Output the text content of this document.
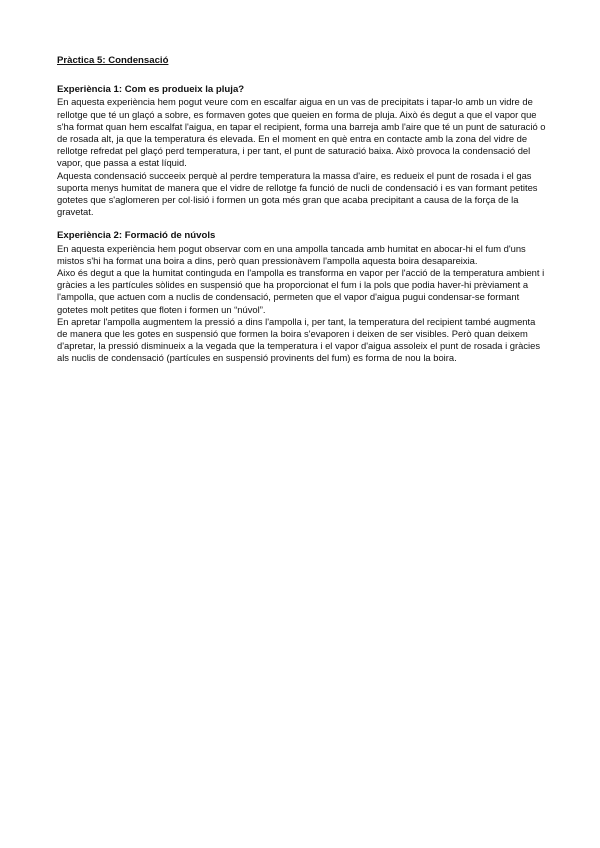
Pràctica 5: Condensació

Experiència 1: Com es produeix la pluja?

En aquesta experiència hem pogut veure com en escalfar aigua en un vas de precipitats i tapar-lo amb un vidre de rellotge que té un glaçó a sobre, es formaven gotes que queien en forma de pluja. Això és degut a que el vapor que s'ha format quan hem escalfat l'aigua, en tapar el recipient, forma una barreja amb l'aire que té un punt de saturació o de rosada alt, ja que la temperatura és elevada. En el moment en què entra en contacte amb la zona del vidre de rellotge refredat pel glaçó perd temperatura, i per tant, el punt de saturació baixa. Això provoca la condensació del vapor, que passa a estat líquid.

Aquesta condensació succeeix perquè al perdre temperatura la massa d'aire, es redueix el punt de rosada i el gas suporta menys humitat de manera que el vidre de rellotge fa funció de nucli de condensació i es van formant petites gotetes que s'aglomeren per col·lisió i formen un gota més gran que acaba precipitant a causa de la força de la gravetat.

Experiència 2: Formació de núvols

En aquesta experiència hem pogut observar com en una ampolla tancada amb humitat en abocar-hi el fum d'uns mistos s'hi ha format una boira a dins, però quan pressionàvem l'ampolla aquesta boira desapareixia.

Aixo és degut a que la humitat continguda en l'ampolla es transforma en vapor per l'acció de la temperatura ambient i gràcies a les partícules sòlides en suspensió que ha proporcionat el fum i la pols que podia haver-hi prèviament a l'ampolla, que actuen com a nuclis de condensació, permeten que el vapor d'aigua pugui condensar-se formant gotetes molt petites que floten i formen un “núvol”.

En apretar l'ampolla augmentem la pressió a dins l'ampolla i, per tant, la temperatura del recipient també augmenta de manera que les gotes en suspensió que formen la boira s'evaporen i deixen de ser visibles. Però quan deixem d'apretar, la pressió disminueix a la vegada que la temperatura i el vapor d'aigua assoleix el punt de rosada i gràcies als nuclis de condensació (partícules en suspensió provinents del fum) es forma de nou la boira.
